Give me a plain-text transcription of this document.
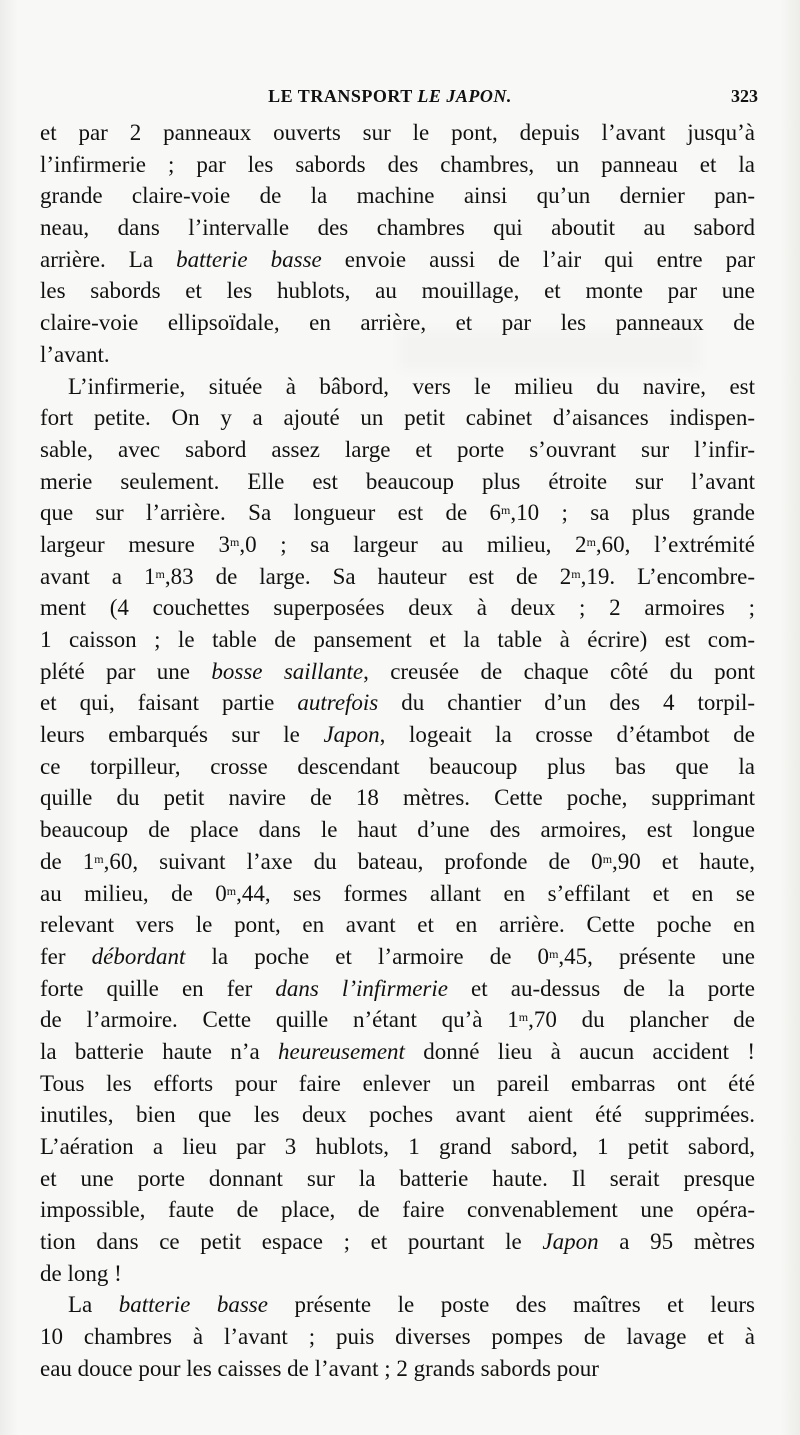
LE TRANSPORT LE JAPON.	323
et par 2 panneaux ouverts sur le pont, depuis l’avant jusqu’à
l’infirmerie ; par les sabords des chambres, un panneau et la
grande claire-voie de la machine ainsi qu’un dernier pan-
neau, dans l’intervalle des chambres qui aboutit au sabord
arrière. La batterie basse envoie aussi de l’air qui entre par
les sabords et les hublots, au mouillage, et monte par une
claire-voie ellipsoïdale, en arrière, et par les panneaux de
l’avant.
L’infirmerie, située à bâbord, vers le milieu du navire, est
fort petite. On y a ajouté un petit cabinet d’aisances indispen-
sable, avec sabord assez large et porte s’ouvrant sur l’infir-
merie seulement. Elle est beaucoup plus étroite sur l’avant
que sur l’arrière. Sa longueur est de 6$^m$,10 ; sa plus grande
largeur mesure 3$^m$,0 ; sa largeur au milieu, 2$^m$,60, l’extrémité
avant a 1$^m$,83 de large. Sa hauteur est de 2$^m$,19. L’encombre-
ment (4 couchettes superposées deux à deux ; 2 armoires ;
1 caisson ; le table de pansement et la table à écrire) est com-
plété par une bosse saillante, creusée de chaque côté du pont
et qui, faisant partie autrefois du chantier d’un des 4 torpil-
leurs embarqués sur le Japon, logeait la crosse d’étambot de
ce torpilleur, crosse descendant beaucoup plus bas que la
quille du petit navire de 18 mètres. Cette poche, supprimant
beaucoup de place dans le haut d’une des armoires, est longue
de 1$^m$,60, suivant l’axe du bateau, profonde de 0$^m$,90 et haute,
au milieu, de 0$^m$,44, ses formes allant en s’effilant et en se
relevant vers le pont, en avant et en arrière. Cette poche en
fer débordant la poche et l’armoire de 0$^m$,45, présente une
forte quille en fer dans l’infirmerie et au-dessus de la porte
de l’armoire. Cette quille n’étant qu’à 1$^m$,70 du plancher de
la batterie haute n’a heureusement donné lieu à aucun accident !
Tous les efforts pour faire enlever un pareil embarras ont été
inutiles, bien que les deux poches avant aient été supprimées.
L’aération a lieu par 3 hublots, 1 grand sabord, 1 petit sabord,
et une porte donnant sur la batterie haute. Il serait presque
impossible, faute de place, de faire convenablement une opéra-
tion dans ce petit espace ; et pourtant le Japon a 95 mètres
de long !
La batterie basse présente le poste des maîtres et leurs
10 chambres à l’avant ; puis diverses pompes de lavage et à
eau douce pour les caisses de l’avant ; 2 grands sabords pour
